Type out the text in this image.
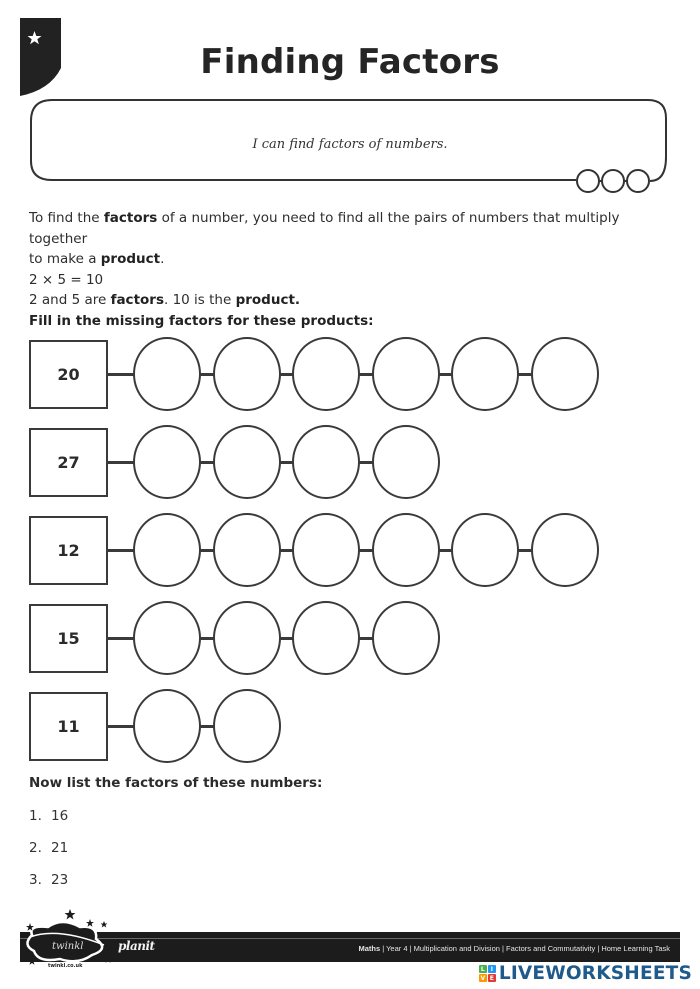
Finding Factors
I can find factors of numbers.

To find the factors of a number, you need to find all the pairs of numbers that multiply together

to make a product.

2 × 5 = 10

2 and 5 are factors. 10 is the product.

Fill in the missing factors for these products:

20
27
12
15
11
Now list the factors of these numbers:
1. 16
2. 21
3. 23
Maths | Year 4 | Multiplication and Division | Factors and Commutativity | Home Learning Task
twinkl
twinkl.co.uk
planit
L I
V E LIVEWORKSHEETS
